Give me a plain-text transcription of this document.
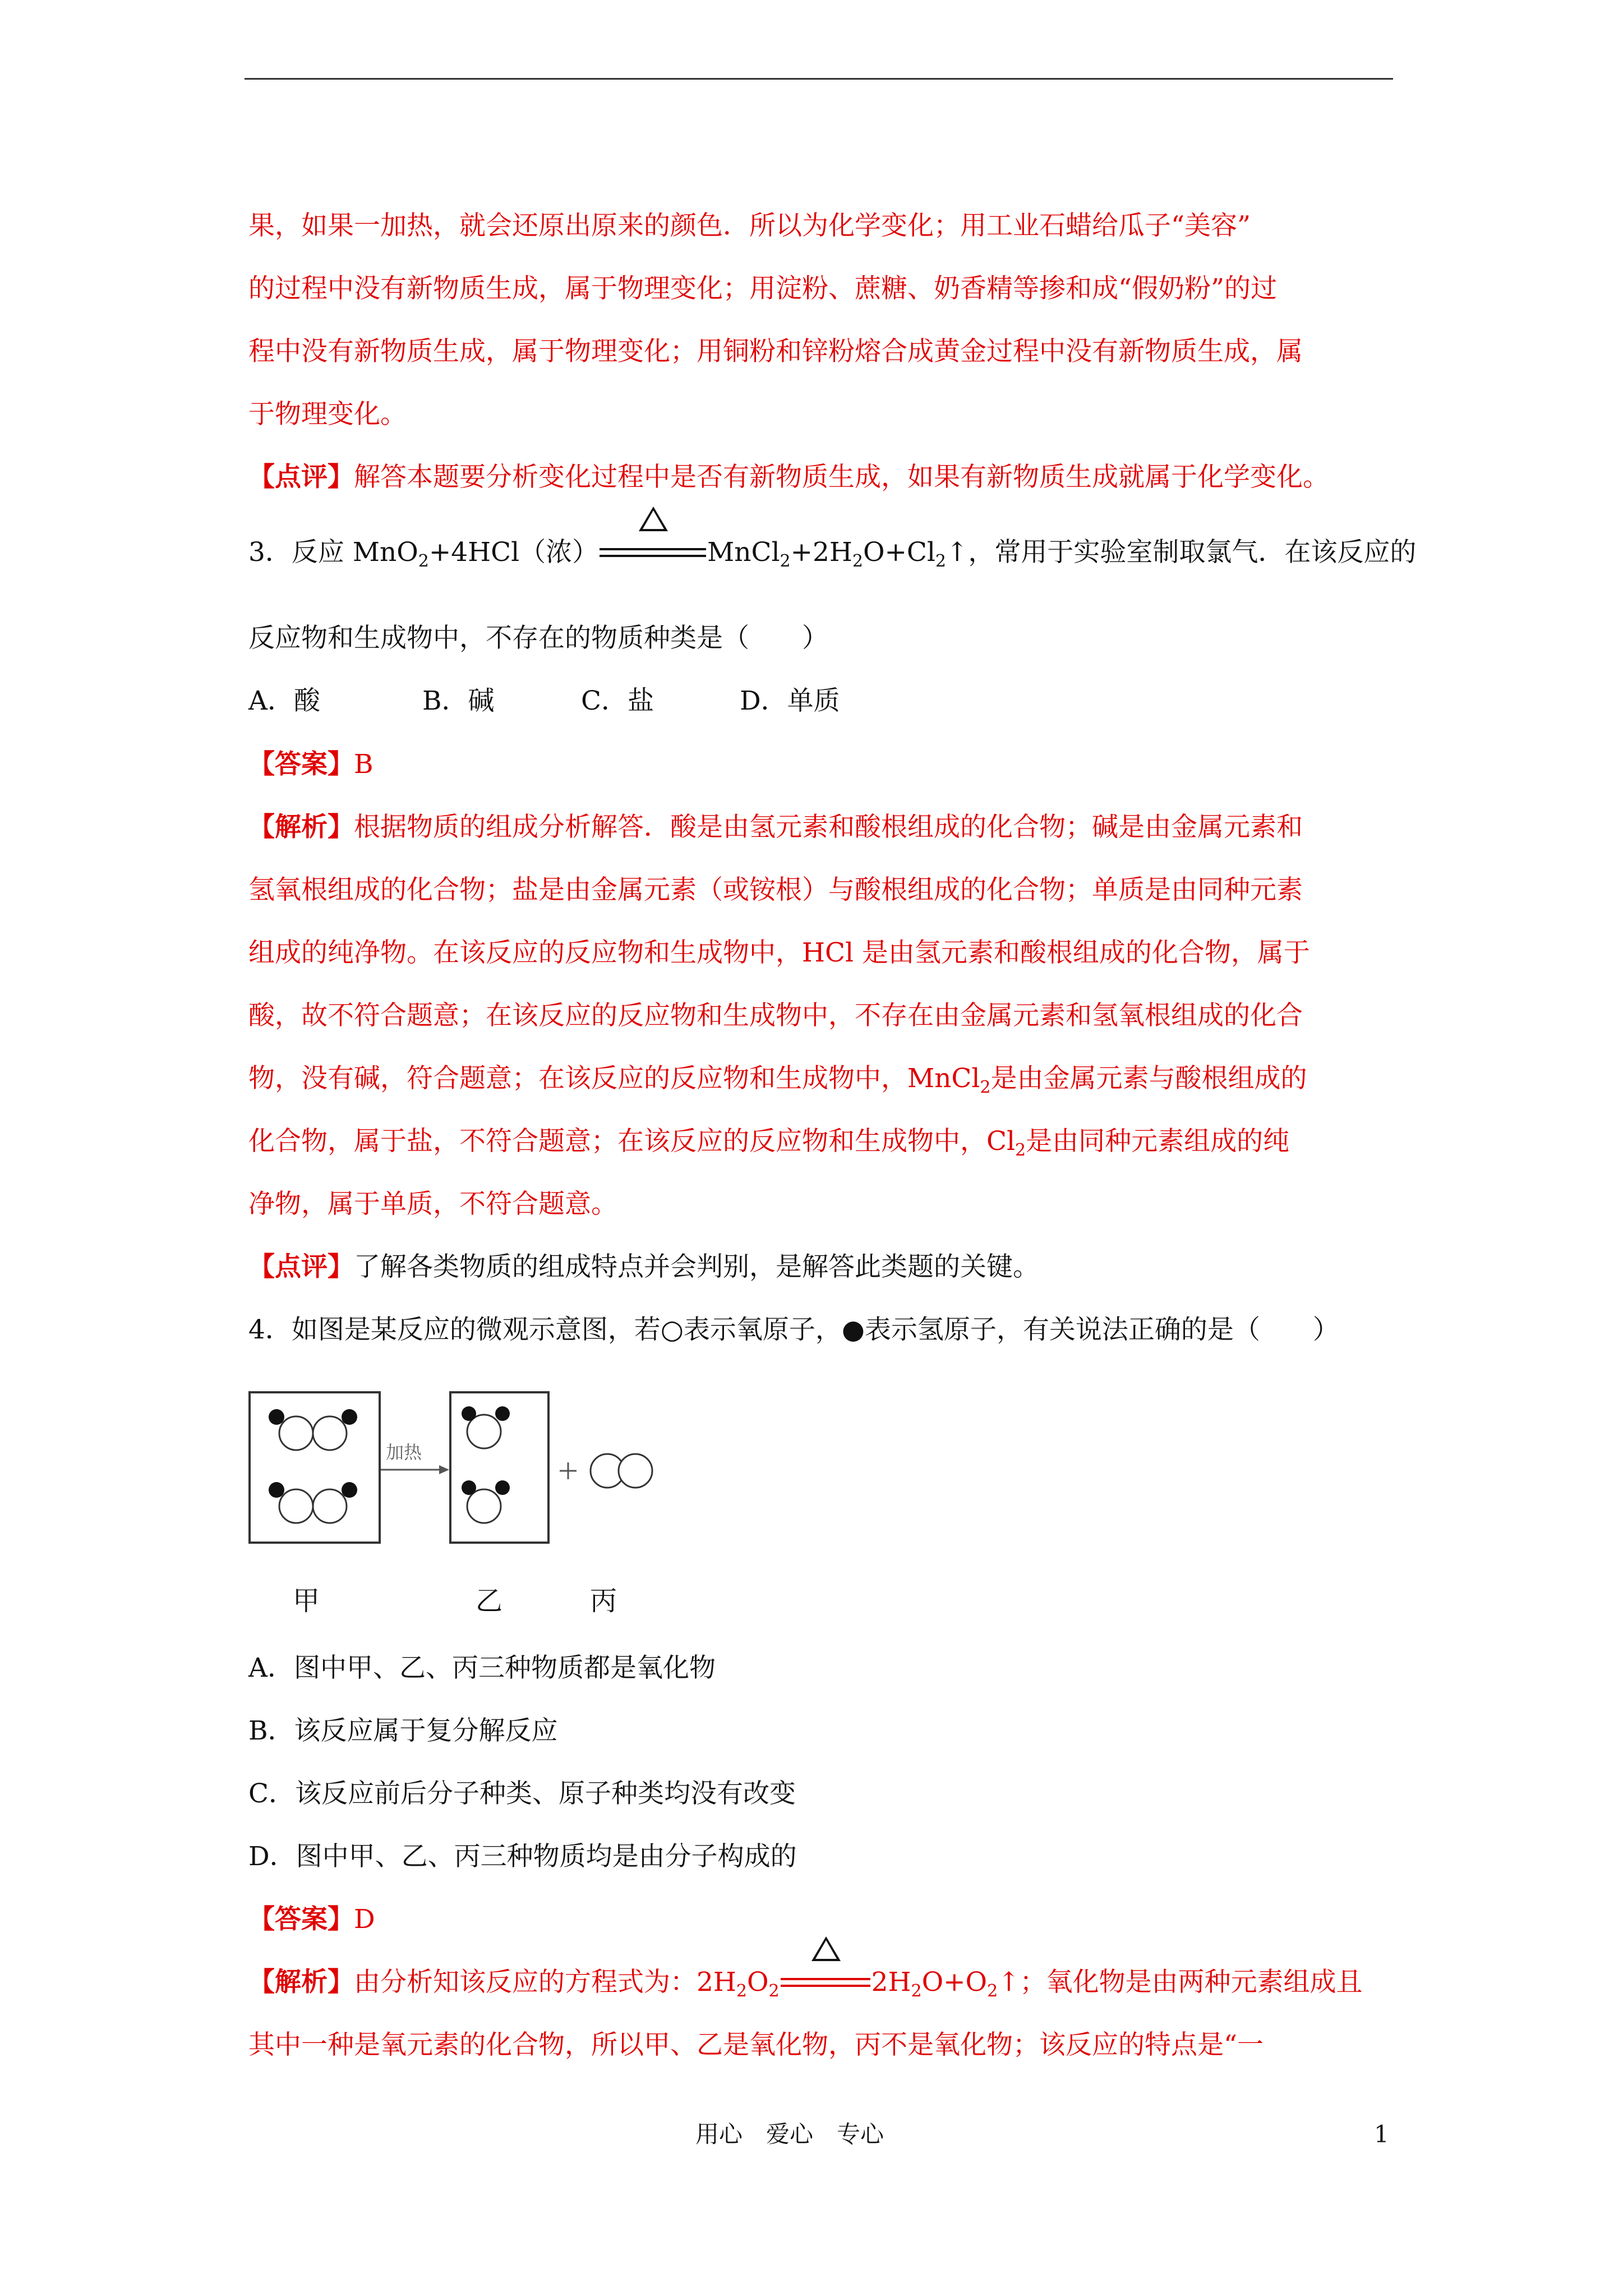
果，如果一加热，就会还原出原来的颜色．所以为化学变化；用工业石蜡给瓜子“美容”
的过程中没有新物质生成，属于物理变化；用淀粉、蔗糖、奶香精等掺和成“假奶粉”的过
程中没有新物质生成，属于物理变化；用铜粉和锌粉熔合成黄金过程中没有新物质生成，属
于物理变化。
【点评】解答本题要分析变化过程中是否有新物质生成，如果有新物质生成就属于化学变化。
3．反应 MnO$_2$+4HCl（浓）	$MnCl_2+2H_2O+Cl_2↑$，常用于实验室制取氯气．在该反应的
反应物和生成物中，不存在的物质种类是（　　）
A．酸	B．碱	C．盐	D．单质
【答案】B
【解析】根据物质的组成分析解答．酸是由氢元素和酸根组成的化合物；碱是由金属元素和
氢氧根组成的化合物；盐是由金属元素（或铵根）与酸根组成的化合物；单质是由同种元素
组成的纯净物。在该反应的反应物和生成物中，HCl 是由氢元素和酸根组成的化合物，属于
酸，故不符合题意；在该反应的反应物和生成物中，不存在由金属元素和氢氧根组成的化合
物，没有碱，符合题意；在该反应的反应物和生成物中，MnCl$_2$是由金属元素与酸根组成的
化合物，属于盐，不符合题意；在该反应的反应物和生成物中，$Cl_2$是由同种元素组成的纯
净物，属于单质，不符合题意。
【点评】了解各类物质的组成特点并会判别，是解答此类题的关键。
4．如图是某反应的微观示意图，若○表示氧原子，●表示氢原子，有关说法正确的是（　　）
加热
甲	乙	丙
A．图中甲、乙、丙三种物质都是氧化物
B．该反应属于复分解反应
C．该反应前后分子种类、原子种类均没有改变
D．图中甲、乙、丙三种物质均是由分子构成的
【答案】D
【解析】由分析知该反应的方程式为：$2H_2O_2$	$2H_2O+O_2↑$；氧化物是由两种元素组成且
其中一种是氧元素的化合物，所以甲、乙是氧化物，丙不是氧化物；该反应的特点是“一
用心　爱心　专心	1
